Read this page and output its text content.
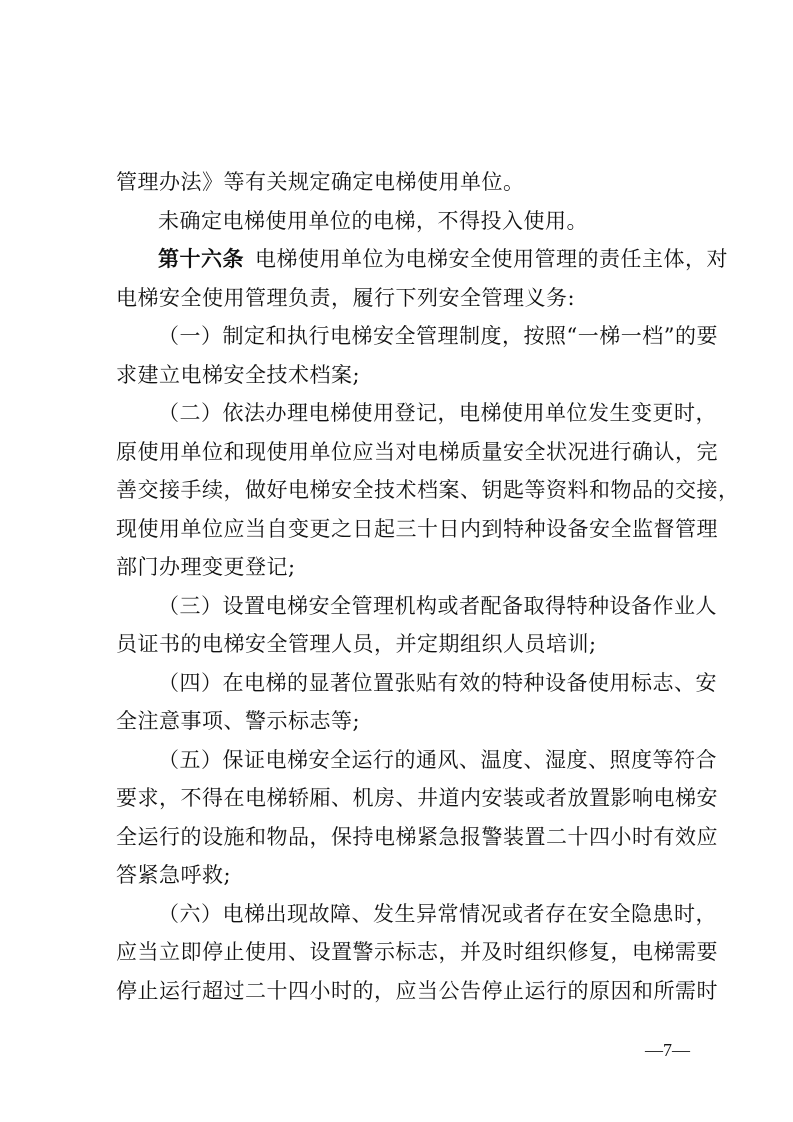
管理办法》等有关规定确定电梯使用单位。
未确定电梯使用单位的电梯，不得投入使用。
第十六条  电梯使用单位为电梯安全使用管理的责任主体，对
电梯安全使用管理负责，履行下列安全管理义务:
（一）制定和执行电梯安全管理制度，按照“一梯一档”的要
求建立电梯安全技术档案;
（二）依法办理电梯使用登记，电梯使用单位发生变更时，
原使用单位和现使用单位应当对电梯质量安全状况进行确认，完
善交接手续，做好电梯安全技术档案、钥匙等资料和物品的交接，
现使用单位应当自变更之日起三十日内到特种设备安全监督管理
部门办理变更登记;
（三）设置电梯安全管理机构或者配备取得特种设备作业人
员证书的电梯安全管理人员，并定期组织人员培训;
（四）在电梯的显著位置张贴有效的特种设备使用标志、安
全注意事项、警示标志等;
（五）保证电梯安全运行的通风、温度、湿度、照度等符合
要求，不得在电梯轿厢、机房、井道内安装或者放置影响电梯安
全运行的设施和物品，保持电梯紧急报警装置二十四小时有效应
答紧急呼救;
（六）电梯出现故障、发生异常情况或者存在安全隐患时，
应当立即停止使用、设置警示标志，并及时组织修复，电梯需要
停止运行超过二十四小时的，应当公告停止运行的原因和所需时
—7—
